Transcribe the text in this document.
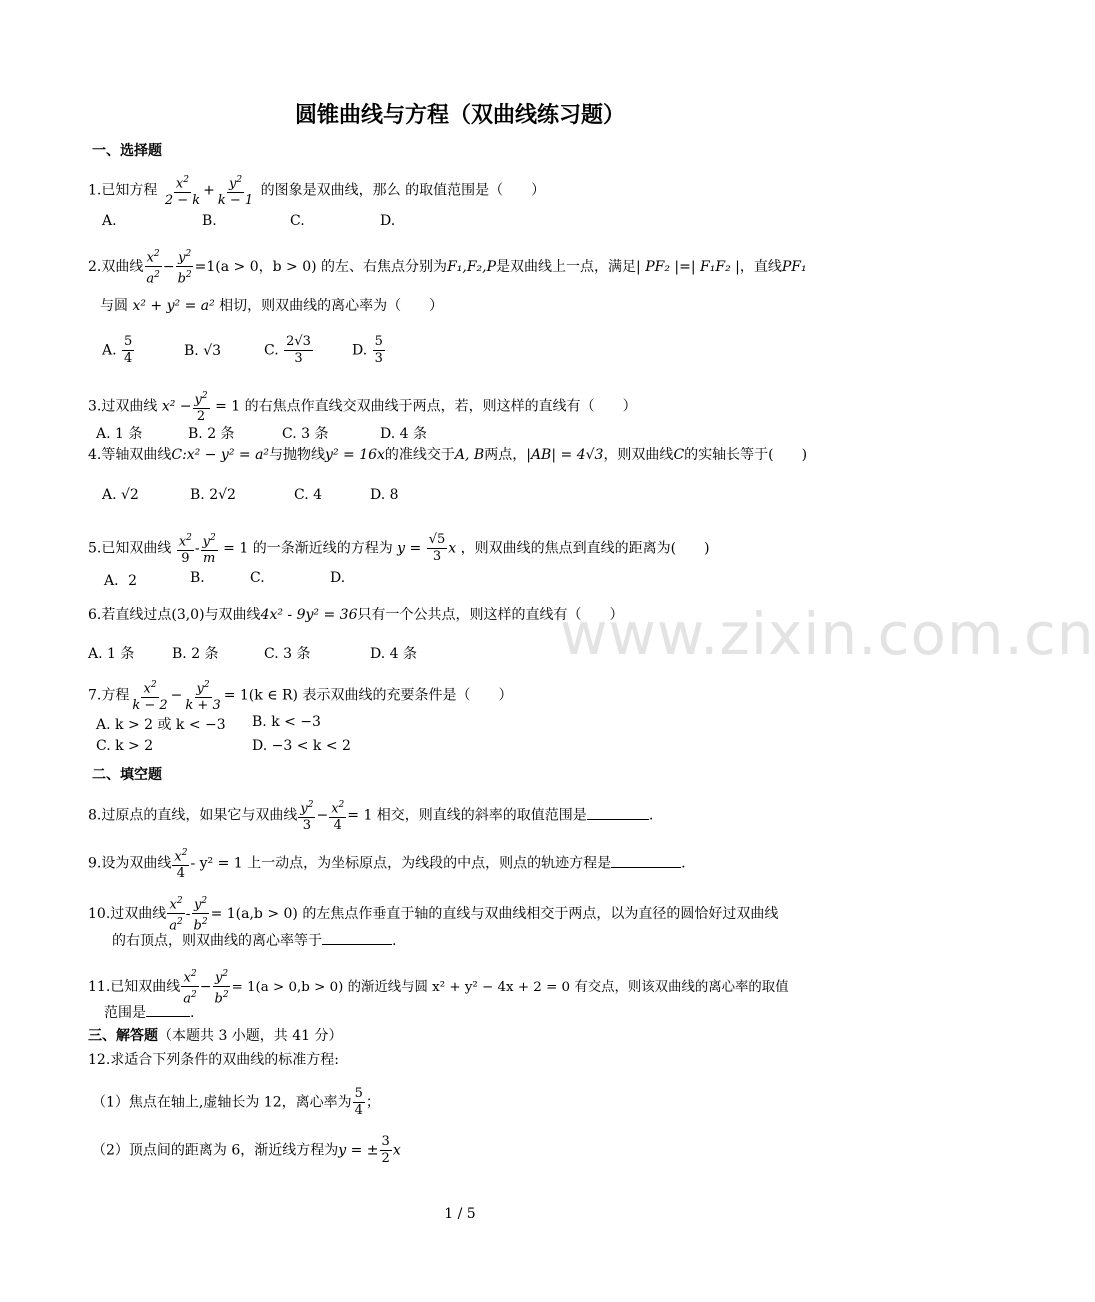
www.zixin.com.cn
圆锥曲线与方程（双曲线练习题）
一、选择题
1.已知方程 $\frac{x^2}{2 - k} + \frac{y^2}{k - 1}$ 的图象是双曲线，那么 的取值范围是（　　）
A.	B.	C.	D.
2.双曲线 $\frac{x^2}{a^2} - \frac{y^2}{b^2} =1(a > 0$，b > 0) 的左、右焦点分别为F₁,F₂,P是双曲线上一点，满足| PF₂ |=| F₁F₂ |，直线PF₁
与圆 x² + y² = a² 相切，则双曲线的离心率为（　　）
A. $\frac{5}{4}$	B. √3	C. $\frac{2√3}{3}$	D. $\frac{5}{3}$
3.过双曲线 $x^2 - \frac{y^2}{2} = 1$ 的右焦点作直线交双曲线于两点，若，则这样的直线有（　　）
A. 1 条	B. 2 条	C. 3 条	D. 4 条
4.等轴双曲线C:x² − y² = a²与抛物线y² = 16x的准线交于A, B两点，|AB| = 4√3，则双曲线C的实轴长等于(　　)
A. √2	B. 2√2	C. 4	D. 8
5.已知双曲线 $\frac{x^2}{9} - \frac{y^2}{m} = 1$ 的一条渐近线的方程为 $y = \frac{√5}{3}$ x ，则双曲线的焦点到直线的距离为(　　)
A．2	B.	C.	D.
6.若直线过点(3,0)与双曲线4x² - 9y² = 36只有一个公共点，则这样的直线有（　　）
A. 1 条	B. 2 条	C. 3 条	D. 4 条
7.方程 $\frac{x^2}{k - 2} - \frac{y^2}{k + 3} = 1(k$ ∈ R) 表示双曲线的充要条件是（　　）
A. k > 2 或 k < −3 B. k < −3
C. k > 2	D. −3 < k < 2
二、填空题
8.过原点的直线，如果它与双曲线 $\frac{y^2}{3} - \frac{x^2}{4} = 1$ 相交，则直线的斜率的取值范围是	.
9.设为双曲线 $\frac{x^2}{4} - y^2 = 1$ 上一动点，为坐标原点，为线段的中点，则点的轨迹方程是	.
10.过双曲线 $\frac{x^2}{a^2} - \frac{y^2}{b^2} = 1(a,b > 0)$ 的左焦点作垂直于轴的直线与双曲线相交于两点，以为直径的圆恰好过双曲线
的右顶点，则双曲线的离心率等于	.
11.已知双曲线 $\frac{x^2}{a^2} - \frac{y^2}{b^2} = 1(a > 0,b > 0)$ 的渐近线与圆 x² + y² − 4x + 2 = 0 有交点，则该双曲线的离心率的取值
范围是	.
三、解答题（本题共 3 小题，共 41 分）
12.求适合下列条件的双曲线的标准方程:
（1）焦点在轴上,虚轴长为 12，离心率为 $\frac{5}{4}$ ；
（2）顶点间的距离为 6，渐近线方程为y = ± $\frac{3}{2}$ x
1 / 5
